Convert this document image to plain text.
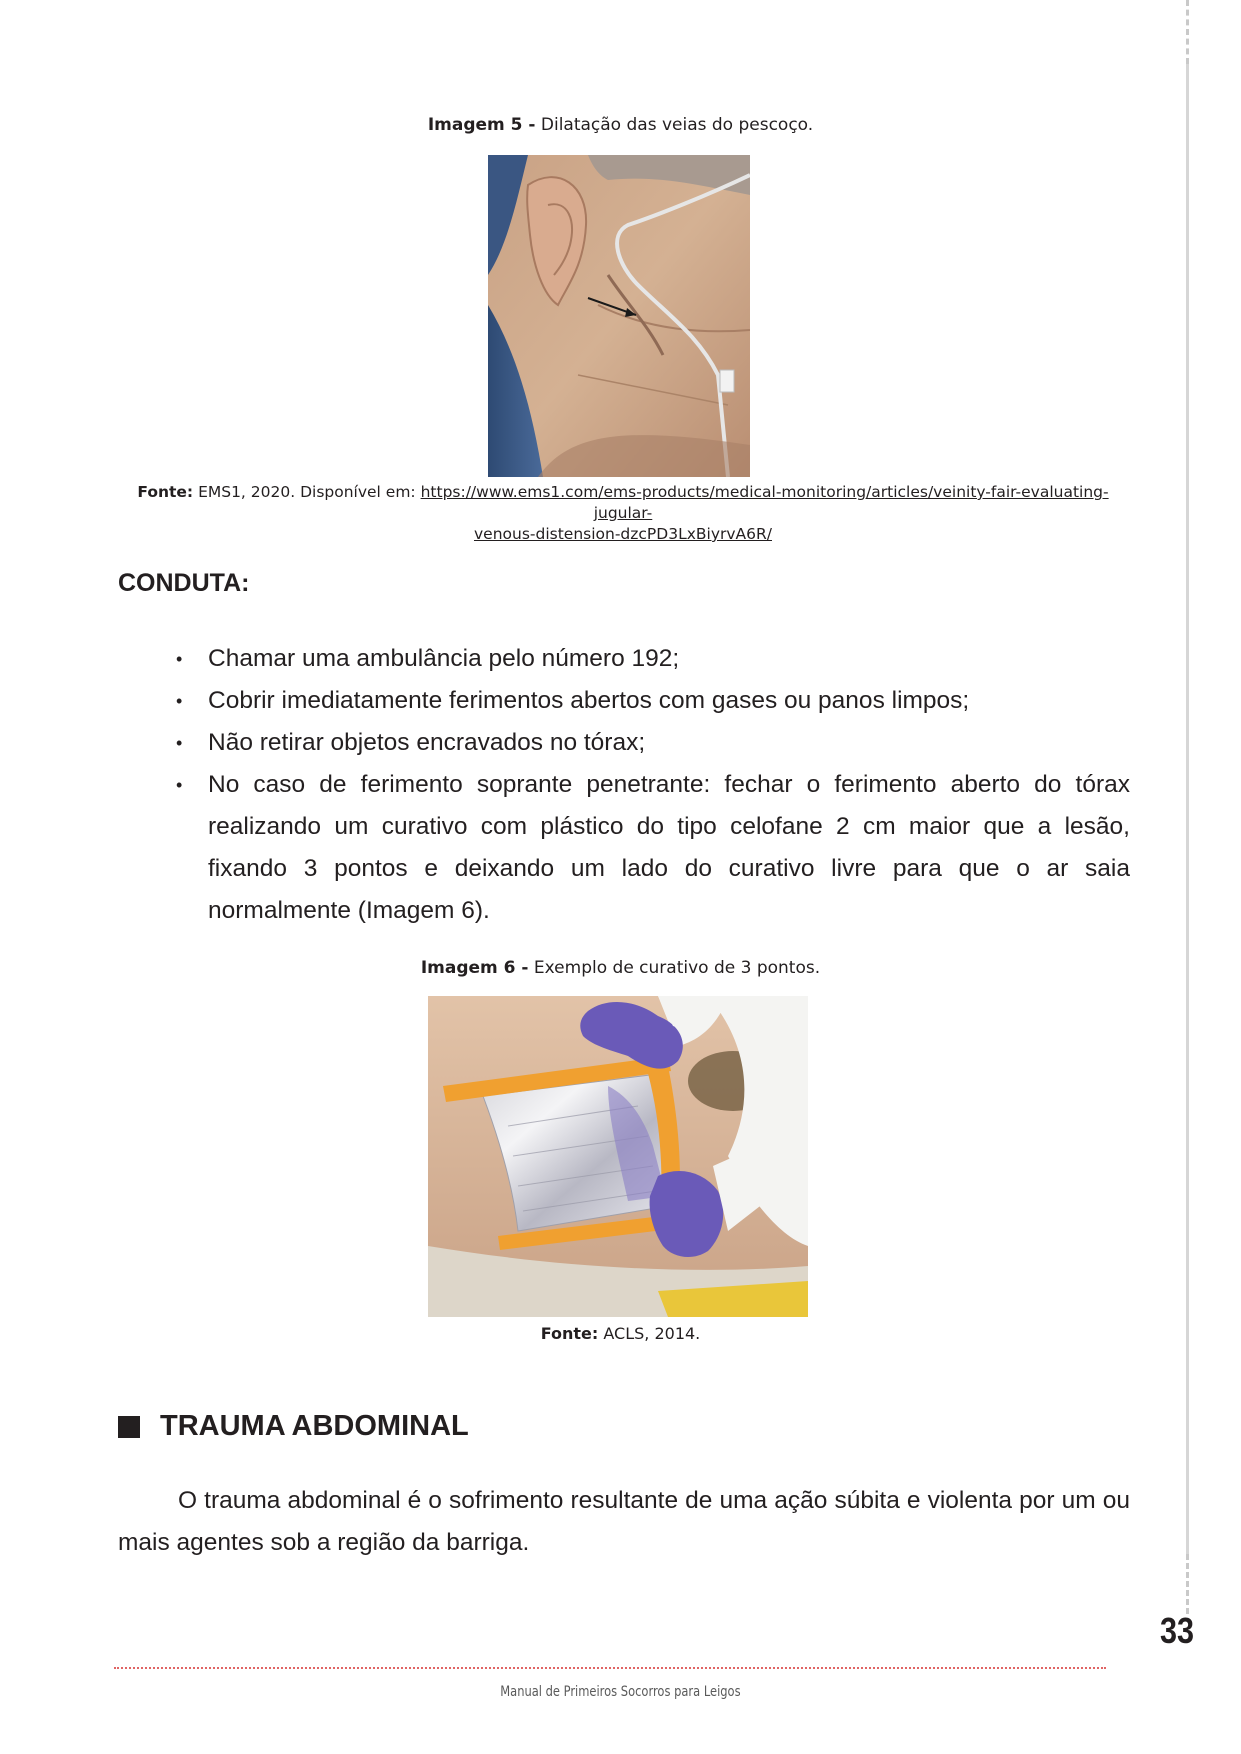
Imagem 5 - Dilatação das veias do pescoço.
Fonte: EMS1, 2020. Disponível em: https://www.ems1.com/ems-products/medical-monitoring/articles/veinity-fair-evaluating-jugular-
venous-distension-dzcPD3LxBiyrvA6R/
CONDUTA:
• Chamar uma ambulância pelo número 192;
• Cobrir imediatamente ferimentos abertos com gases ou panos limpos;
• Não retirar objetos encravados no tórax;
• No caso de ferimento soprante penetrante: fechar o ferimento aberto do tórax realizando um curativo com plástico do tipo celofane 2 cm maior que a lesão, fixando 3 pontos e deixando um lado do curativo livre para que o ar saia normalmente (Imagem 6).
Imagem 6 - Exemplo de curativo de 3 pontos.
Fonte: ACLS, 2014.
TRAUMA ABDOMINAL

O trauma abdominal é o sofrimento resultante de uma ação súbita e violenta por um ou mais agentes sob a região da barriga.

33
Manual de Primeiros Socorros para Leigos
